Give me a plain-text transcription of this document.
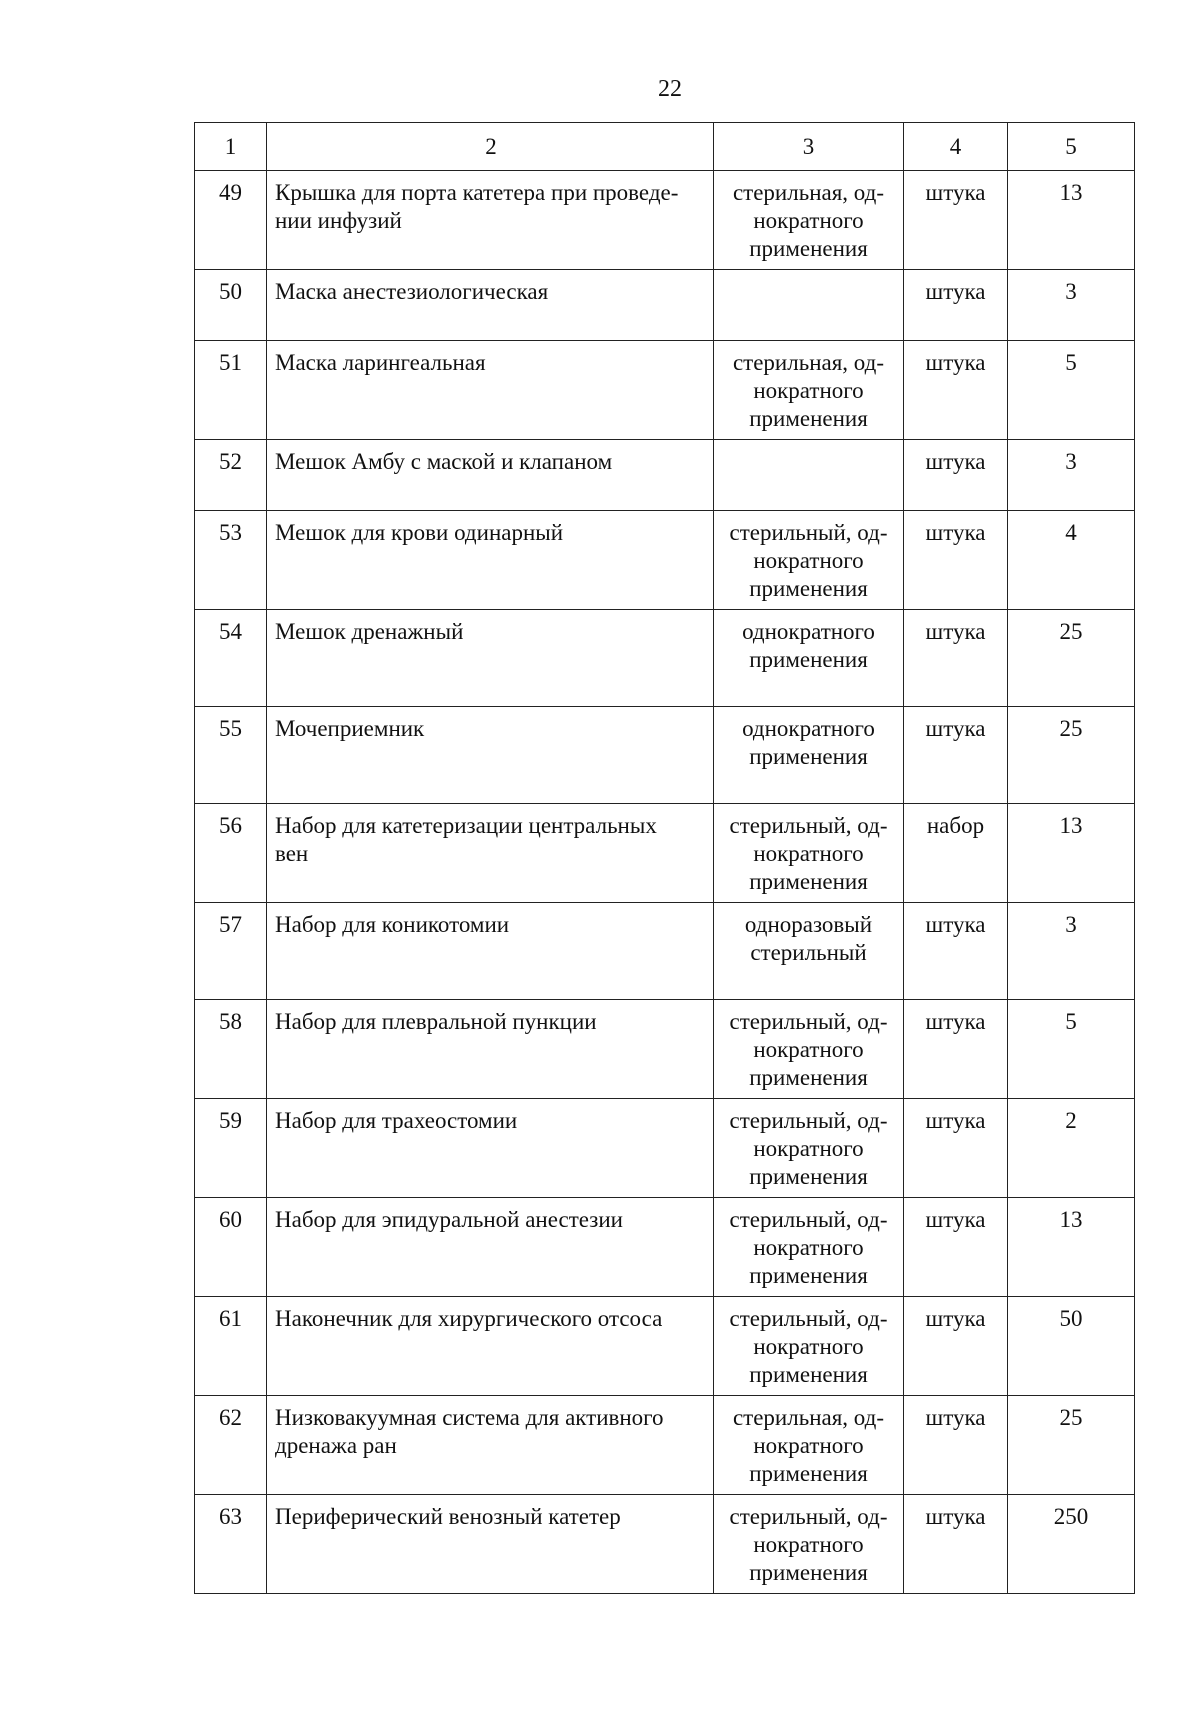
22
1	2	3	4	5

49	Крышка для порта катетера при проведе-
нии инфузий	стерильная, од-
нократного
применения	штука	13

50	Маска анестезиологическая		штука	3

51	Маска ларингеальная	стерильная, од-
нократного
применения	штука	5

52	Мешок Амбу с маской и клапаном		штука	3

53	Мешок для крови одинарный	стерильный, од-
нократного
применения	штука	4

54	Мешок дренажный	однократного
применения	штука	25

55	Мочеприемник	однократного
применения	штука	25

56	Набор для катетеризации центральных
вен	стерильный, од-
нократного
применения	набор	13

57	Набор для коникотомии	одноразовый
стерильный	штука	3

58	Набор для плевральной пункции	стерильный, од-
нократного
применения	штука	5

59	Набор для трахеостомии	стерильный, од-
нократного
применения	штука	2

60	Набор для эпидуральной анестезии	стерильный, од-
нократного
применения	штука	13

61	Наконечник для хирургического отсоса	стерильный, од-
нократного
применения	штука	50

62	Низковакуумная система для активного
дренажа ран	стерильная, од-
нократного
применения	штука	25

63	Периферический венозный катетер	стерильный, од-
нократного
применения	штука	250
